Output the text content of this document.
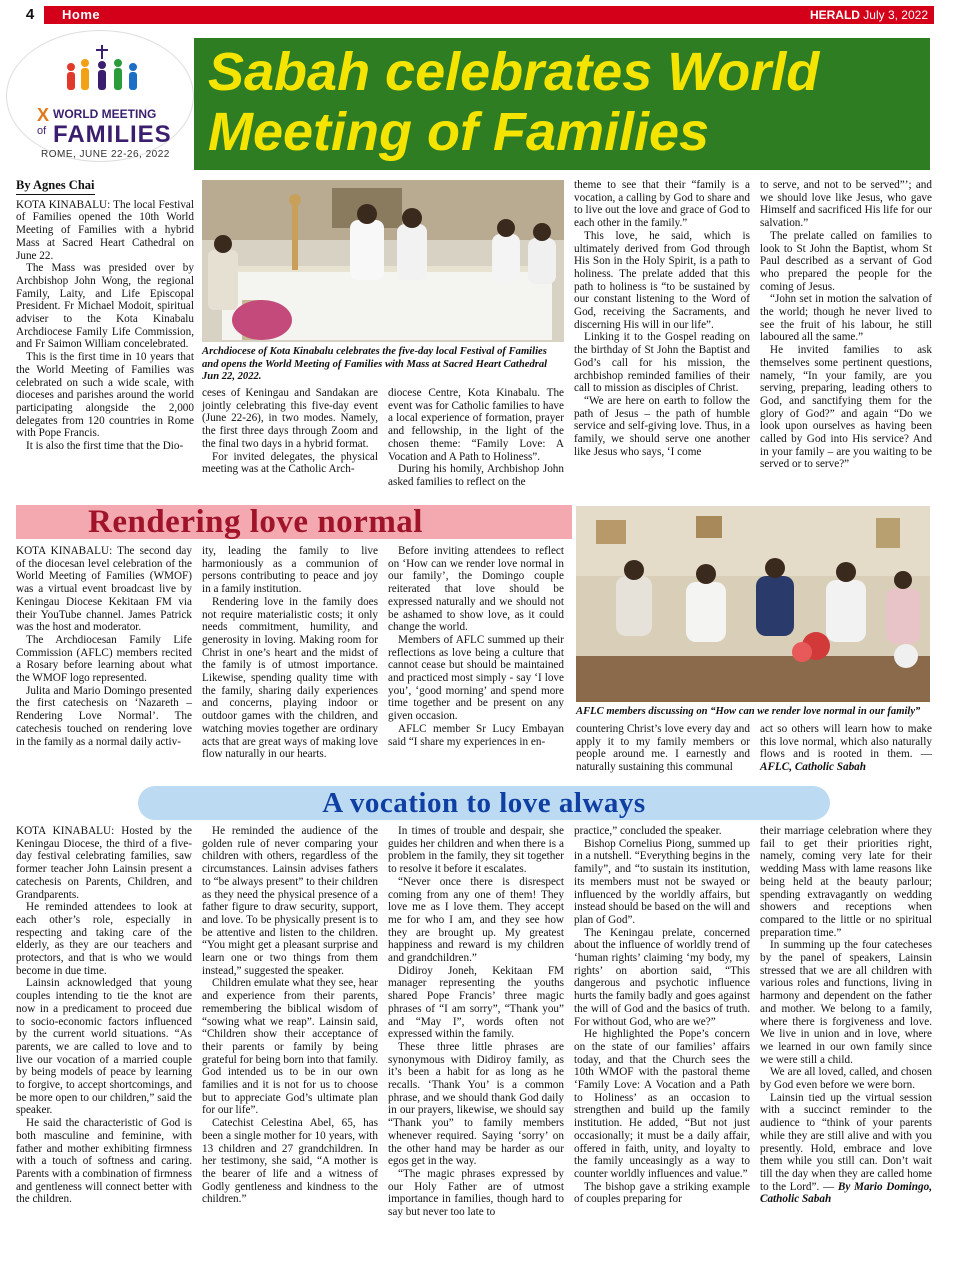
4	Home	HERALD July 3, 2022
X WORLD MEETING
of FAMILIES
ROME, JUNE 22-26, 2022
Sabah celebrates World Meeting of Families

By Agnes Chai

KOTA KINABALU: The local Festival of Families opened the 10th World Meeting of Families with a hybrid Mass at Sacred Heart Cathedral on June 22.

The Mass was presided over by Archbishop John Wong, the regional Family, Laity, and Life Episcopal President. Fr Michael Modoit, spiritual adviser to the Kota Kinabalu Archdiocese Family Life Commission, and Fr Saimon William concelebrated.

This is the first time in 10 years that the World Meeting of Families was celebrated on such a wide scale, with dioceses and parishes around the world participating alongside the 2,000 delegates from 120 countries in Rome with Pope Francis.

It is also the first time that the Dio-

Archdiocese of Kota Kinabalu celebrates the five-day local Festival of Families and opens the World Meeting of Families with Mass at Sacred Heart Cathedral Jun 22, 2022.

ceses of Keningau and Sandakan are jointly celebrating this five-day event (June 22-26), in two modes. Namely, the first three days through Zoom and the final two days in a hybrid format.

For invited delegates, the physical meeting was at the Catholic Arch-

diocese Centre, Kota Kinabalu. The event was for Catholic families to have a local experience of formation, prayer and fellowship, in the light of the chosen theme: “Family Love: A Vocation and A Path to Holiness”.

During his homily, Archbishop John asked families to reflect on the

theme to see that their “family is a vocation, a calling by God to share and to live out the love and grace of God to each other in the family.”

This love, he said, which is ultimately derived from God through His Son in the Holy Spirit, is a path to holiness. The prelate added that this path to holiness is “to be sustained by our constant listening to the Word of God, receiving the Sacraments, and discerning His will in our life”.

Linking it to the Gospel reading on the birthday of St John the Baptist and God’s call for his mission, the archbishop reminded families of their call to mission as disciples of Christ.

“We are here on earth to follow the path of Jesus – the path of humble service and self-giving love. Thus, in a family, we should serve one another like Jesus who says, ‘I come

to serve, and not to be served”’; and we should love like Jesus, who gave Himself and sacrificed His life for our salvation.”

The prelate called on families to look to St John the Baptist, whom St Paul described as a servant of God who prepared the people for the coming of Jesus.

“John set in motion the salvation of the world; though he never lived to see the fruit of his labour, he still laboured all the same.”

He invited families to ask themselves some pertinent questions, namely, “In your family, are you serving, preparing, leading others to God, and sanctifying them for the glory of God?” and again “Do we look upon ourselves as having been called by God into His service? And in your family – are you waiting to be served or to serve?”

Rendering love normal
AFLC members discussing on “How can we render love normal in our family”

KOTA KINABALU: The second day of the diocesan level celebration of the World Meeting of Families (WMOF) was a virtual event broadcast live by Keningau Diocese Kekitaan FM via their YouTube channel. James Patrick was the host and moderator.

The Archdiocesan Family Life Commission (AFLC) members recited a Rosary before learning about what the WMOF logo represented.

Julita and Mario Domingo presented the first catechesis on ‘Nazareth – Rendering Love Normal’. The catechesis touched on rendering love in the family as a normal daily activ-

ity, leading the family to live harmoniously as a communion of persons contributing to peace and joy in a family institution.

Rendering love in the family does not require materialistic costs; it only needs commitment, humility, and generosity in loving. Making room for Christ in one’s heart and the midst of the family is of utmost importance. Likewise, spending quality time with the family, sharing daily experiences and concerns, playing indoor or outdoor games with the children, and watching movies together are ordinary acts that are great ways of making love flow naturally in our hearts.

Before inviting attendees to reflect on ‘How can we render love normal in our family’, the Domingo couple reiterated that love should be expressed naturally and we should not be ashamed to show love, as it could change the world.

Members of AFLC summed up their reflections as love being a culture that cannot cease but should be maintained and practiced most simply - say ‘I love you’, ‘good morning’ and spend more time together and be present on any given occasion.

AFLC member Sr Lucy Embayan said “I share my experiences in en-

countering Christ’s love every day and apply it to my family members or people around me. I earnestly and naturally sustaining this communal

act so others will learn how to make this love normal, which also naturally flows and is rooted in them. — AFLC, Catholic Sabah

A vocation to love always

KOTA KINABALU: Hosted by the Keningau Diocese, the third of a five-day festival celebrating families, saw former teacher John Lainsin present a catechesis on Parents, Children, and Grandparents.

He reminded attendees to look at each other’s role, especially in respecting and taking care of the elderly, as they are our teachers and protectors, and that is who we would become in due time.

Lainsin acknowledged that young couples intending to tie the knot are now in a predicament to proceed due to socio-economic factors influenced by the current world situations. “As parents, we are called to love and to live our vocation of a married couple by being models of peace by learning to forgive, to accept shortcomings, and be more open to our children,” said the speaker.

He said the characteristic of God is both masculine and feminine, with father and mother exhibiting firmness with a touch of softness and caring. Parents with a combination of firmness and gentleness will connect better with the children.

He reminded the audience of the golden rule of never comparing your children with others, regardless of the circumstances. Lainsin advises fathers to “be always present” to their children as they need the physical presence of a father figure to draw security, support, and love. To be physically present is to be attentive and listen to the children. “You might get a pleasant surprise and learn one or two things from them instead,” suggested the speaker.

Children emulate what they see, hear and experience from their parents, remembering the biblical wisdom of “sowing what we reap”. Lainsin said, “Children show their acceptance of their parents or family by being grateful for being born into that family. God intended us to be in our own families and it is not for us to choose but to appreciate God’s ultimate plan for our life”.

Catechist Celestina Abel, 65, has been a single mother for 10 years, with 13 children and 27 grandchildren. In her testimony, she said, “A mother is the bearer of life and a witness of Godly gentleness and kindness to the children.”

In times of trouble and despair, she guides her children and when there is a problem in the family, they sit together to resolve it before it escalates.

“Never once there is disrespect coming from any one of them! They love me as I love them. They accept me for who I am, and they see how they are brought up. My greatest happiness and reward is my children and grandchildren.”

Didiroy Joneh, Kekitaan FM manager representing the youths shared Pope Francis’ three magic phrases of “I am sorry”, “Thank you” and “May I”, words often not expressed within the family.

These three little phrases are synonymous with Didiroy family, as it’s been a habit for as long as he recalls. ‘Thank You’ is a common phrase, and we should thank God daily in our prayers, likewise, we should say “Thank you” to family members whenever required. Saying ‘sorry’ on the other hand may be harder as our egos get in the way.

“The magic phrases expressed by our Holy Father are of utmost importance in families, though hard to say but never too late to

practice,” concluded the speaker.

Bishop Cornelius Piong, summed up in a nutshell. “Everything begins in the family”, and “to sustain its institution, its members must not be swayed or influenced by the worldly affairs, but instead should be based on the will and plan of God”.

The Keningau prelate, concerned about the influence of worldly trend of ‘human rights’ claiming ‘my body, my rights’ on abortion said, “This dangerous and psychotic influence hurts the family badly and goes against the will of God and the basics of truth. For without God, who are we?”

He highlighted the Pope’s concern on the state of our families’ affairs today, and that the Church sees the 10th WMOF with the pastoral theme ‘Family Love: A Vocation and a Path to Holiness’ as an occasion to strengthen and build up the family institution. He added, “But not just occasionally; it must be a daily affair, offered in faith, unity, and loyalty to the family unceasingly as a way to counter worldly influences and value.”

The bishop gave a striking example of couples preparing for

their marriage celebration where they fail to get their priorities right, namely, coming very late for their wedding Mass with lame reasons like being held at the beauty parlour; spending extravagantly on wedding showers and receptions when compared to the little or no spiritual preparation time.”

In summing up the four catecheses by the panel of speakers, Lainsin stressed that we are all children with various roles and functions, living in harmony and dependent on the father and mother. We belong to a family, where there is forgiveness and love. We live in union and in love, where we learned in our own family since we were still a child.

We are all loved, called, and chosen by God even before we were born.

Lainsin tied up the virtual session with a succinct reminder to the audience to “think of your parents while they are still alive and with you presently. Hold, embrace and love them while you still can. Don’t wait till the day when they are called home to the Lord”. — By Mario Domingo, Catholic Sabah
